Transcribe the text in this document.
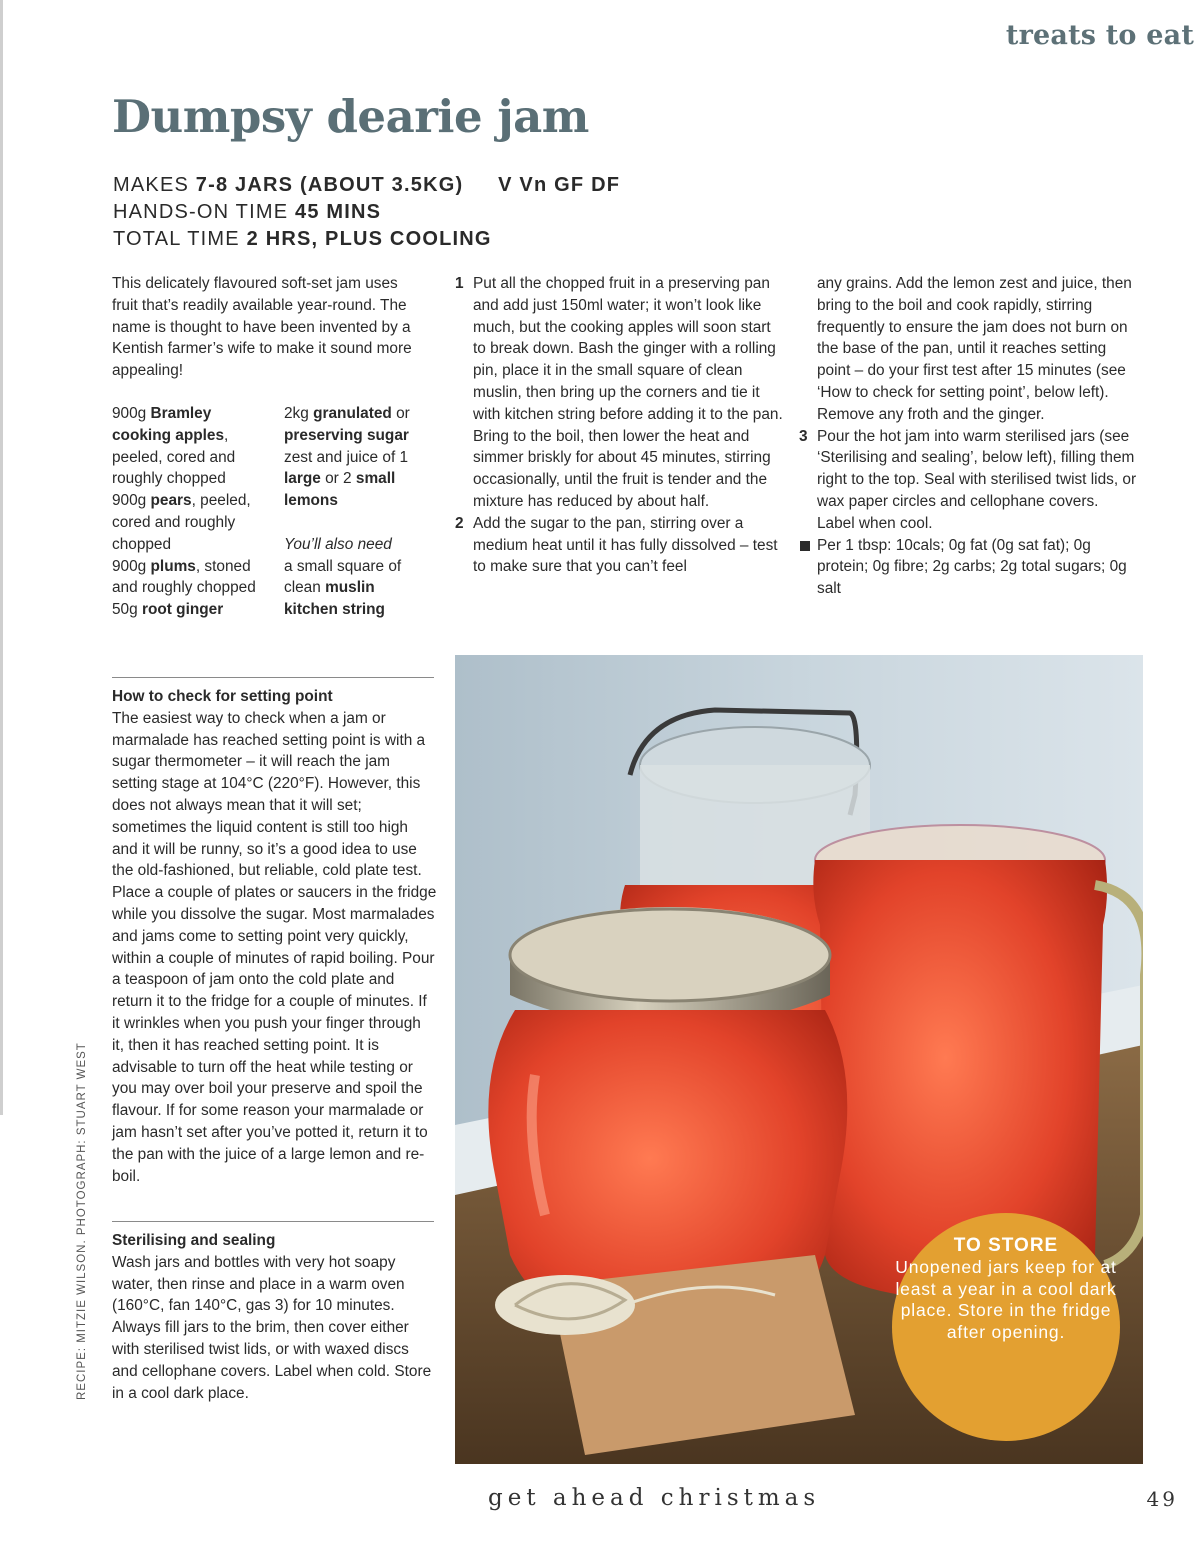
treats to eat
Dumpsy dearie jam
MAKES 7-8 JARS (ABOUT 3.5KG) V Vn GF DF
HANDS-ON TIME 45 MINS
TOTAL TIME 2 HRS, PLUS COOLING

This delicately flavoured soft-set jam uses fruit that’s readily available year-round. The name is thought to have been invented by a Kentish farmer’s wife to make it sound more appealing!

900g Bramley cooking apples, peeled, cored and roughly chopped
900g pears, peeled, cored and roughly chopped
900g plums, stoned and roughly chopped
50g root ginger
2kg granulated or preserving sugar
zest and juice of 1 large or 2 small lemons
You’ll also need
a small square of clean muslin
kitchen string
1 Put all the chopped fruit in a preserving pan and add just 150ml water; it won’t look like much, but the cooking apples will soon start to break down. Bash the ginger with a rolling pin, place it in the small square of clean muslin, then bring up the corners and tie it with kitchen string before adding it to the pan.

Bring to the boil, then lower the heat and simmer briskly for about 45 minutes, stirring occasionally, until the fruit is tender and the mixture has reduced by about half.

2 Add the sugar to the pan, stirring over a medium heat until it has fully dissolved – test to make sure that you can’t feel

any grains. Add the lemon zest and juice, then bring to the boil and cook rapidly, stirring frequently to ensure the jam does not burn on the base of the pan, until it reaches setting point – do your first test after 15 minutes (see ‘How to check for setting point’, below left). Remove any froth and the ginger.

3 Pour the hot jam into warm sterilised jars (see ‘Sterilising and sealing’, below left), filling them right to the top. Seal with sterilised twist lids, or wax paper circles and cellophane covers. Label when cool.

Per 1 tbsp: 10cals; 0g fat (0g sat fat); 0g protein; 0g fibre; 2g carbs; 2g total sugars; 0g salt

How to check for setting point

The easiest way to check when a jam or marmalade has reached setting point is with a sugar thermometer – it will reach the jam setting stage at 104°C (220°F). However, this does not always mean that it will set; sometimes the liquid content is still too high and it will be runny, so it’s a good idea to use the old-fashioned, but reliable, cold plate test. Place a couple of plates or saucers in the fridge while you dissolve the sugar. Most marmalades and jams come to setting point very quickly, within a couple of minutes of rapid boiling. Pour a teaspoon of jam onto the cold plate and return it to the fridge for a couple of minutes. If it wrinkles when you push your finger through it, then it has reached setting point. It is advisable to turn off the heat while testing or you may over boil your preserve and spoil the flavour. If for some reason your marmalade or jam hasn’t set after you’ve potted it, return it to the pan with the juice of a large lemon and re-boil.

Sterilising and sealing

Wash jars and bottles with very hot soapy water, then rinse and place in a warm oven (160°C, fan 140°C, gas 3) for 10 minutes. Always fill jars to the brim, then cover either with sterilised twist lids, or with waxed discs and cellophane covers. Label when cold. Store in a cool dark place.

RECIPE: MITZIE WILSON. PHOTOGRAPH: STUART WEST	TO STORE
Unopened jars keep for at least a year in a cool dark place. Store in the fridge after opening.
get ahead christmas	49
